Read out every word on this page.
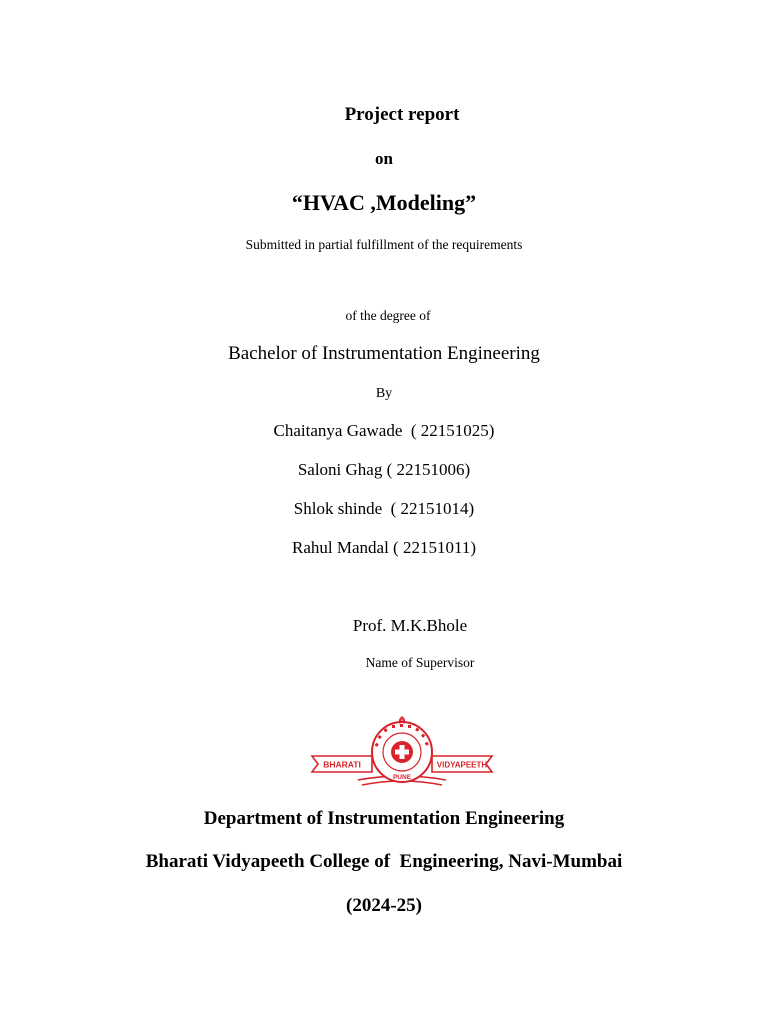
Project report
on
“HVAC ,Modeling”
Submitted in partial fulfillment of the requirements
of the degree of
Bachelor of Instrumentation Engineering
By
Chaitanya Gawade  ( 22151025)
Saloni Ghag ( 22151006)
Shlok shinde  ( 22151014)
Rahul Mandal ( 22151011)
Prof. M.K.Bhole
Name of Supervisor
BHARATI	VIDYAPEETH
PUNE
Department of Instrumentation Engineering
Bharati Vidyapeeth College of  Engineering, Navi-Mumbai
(2024-25)
